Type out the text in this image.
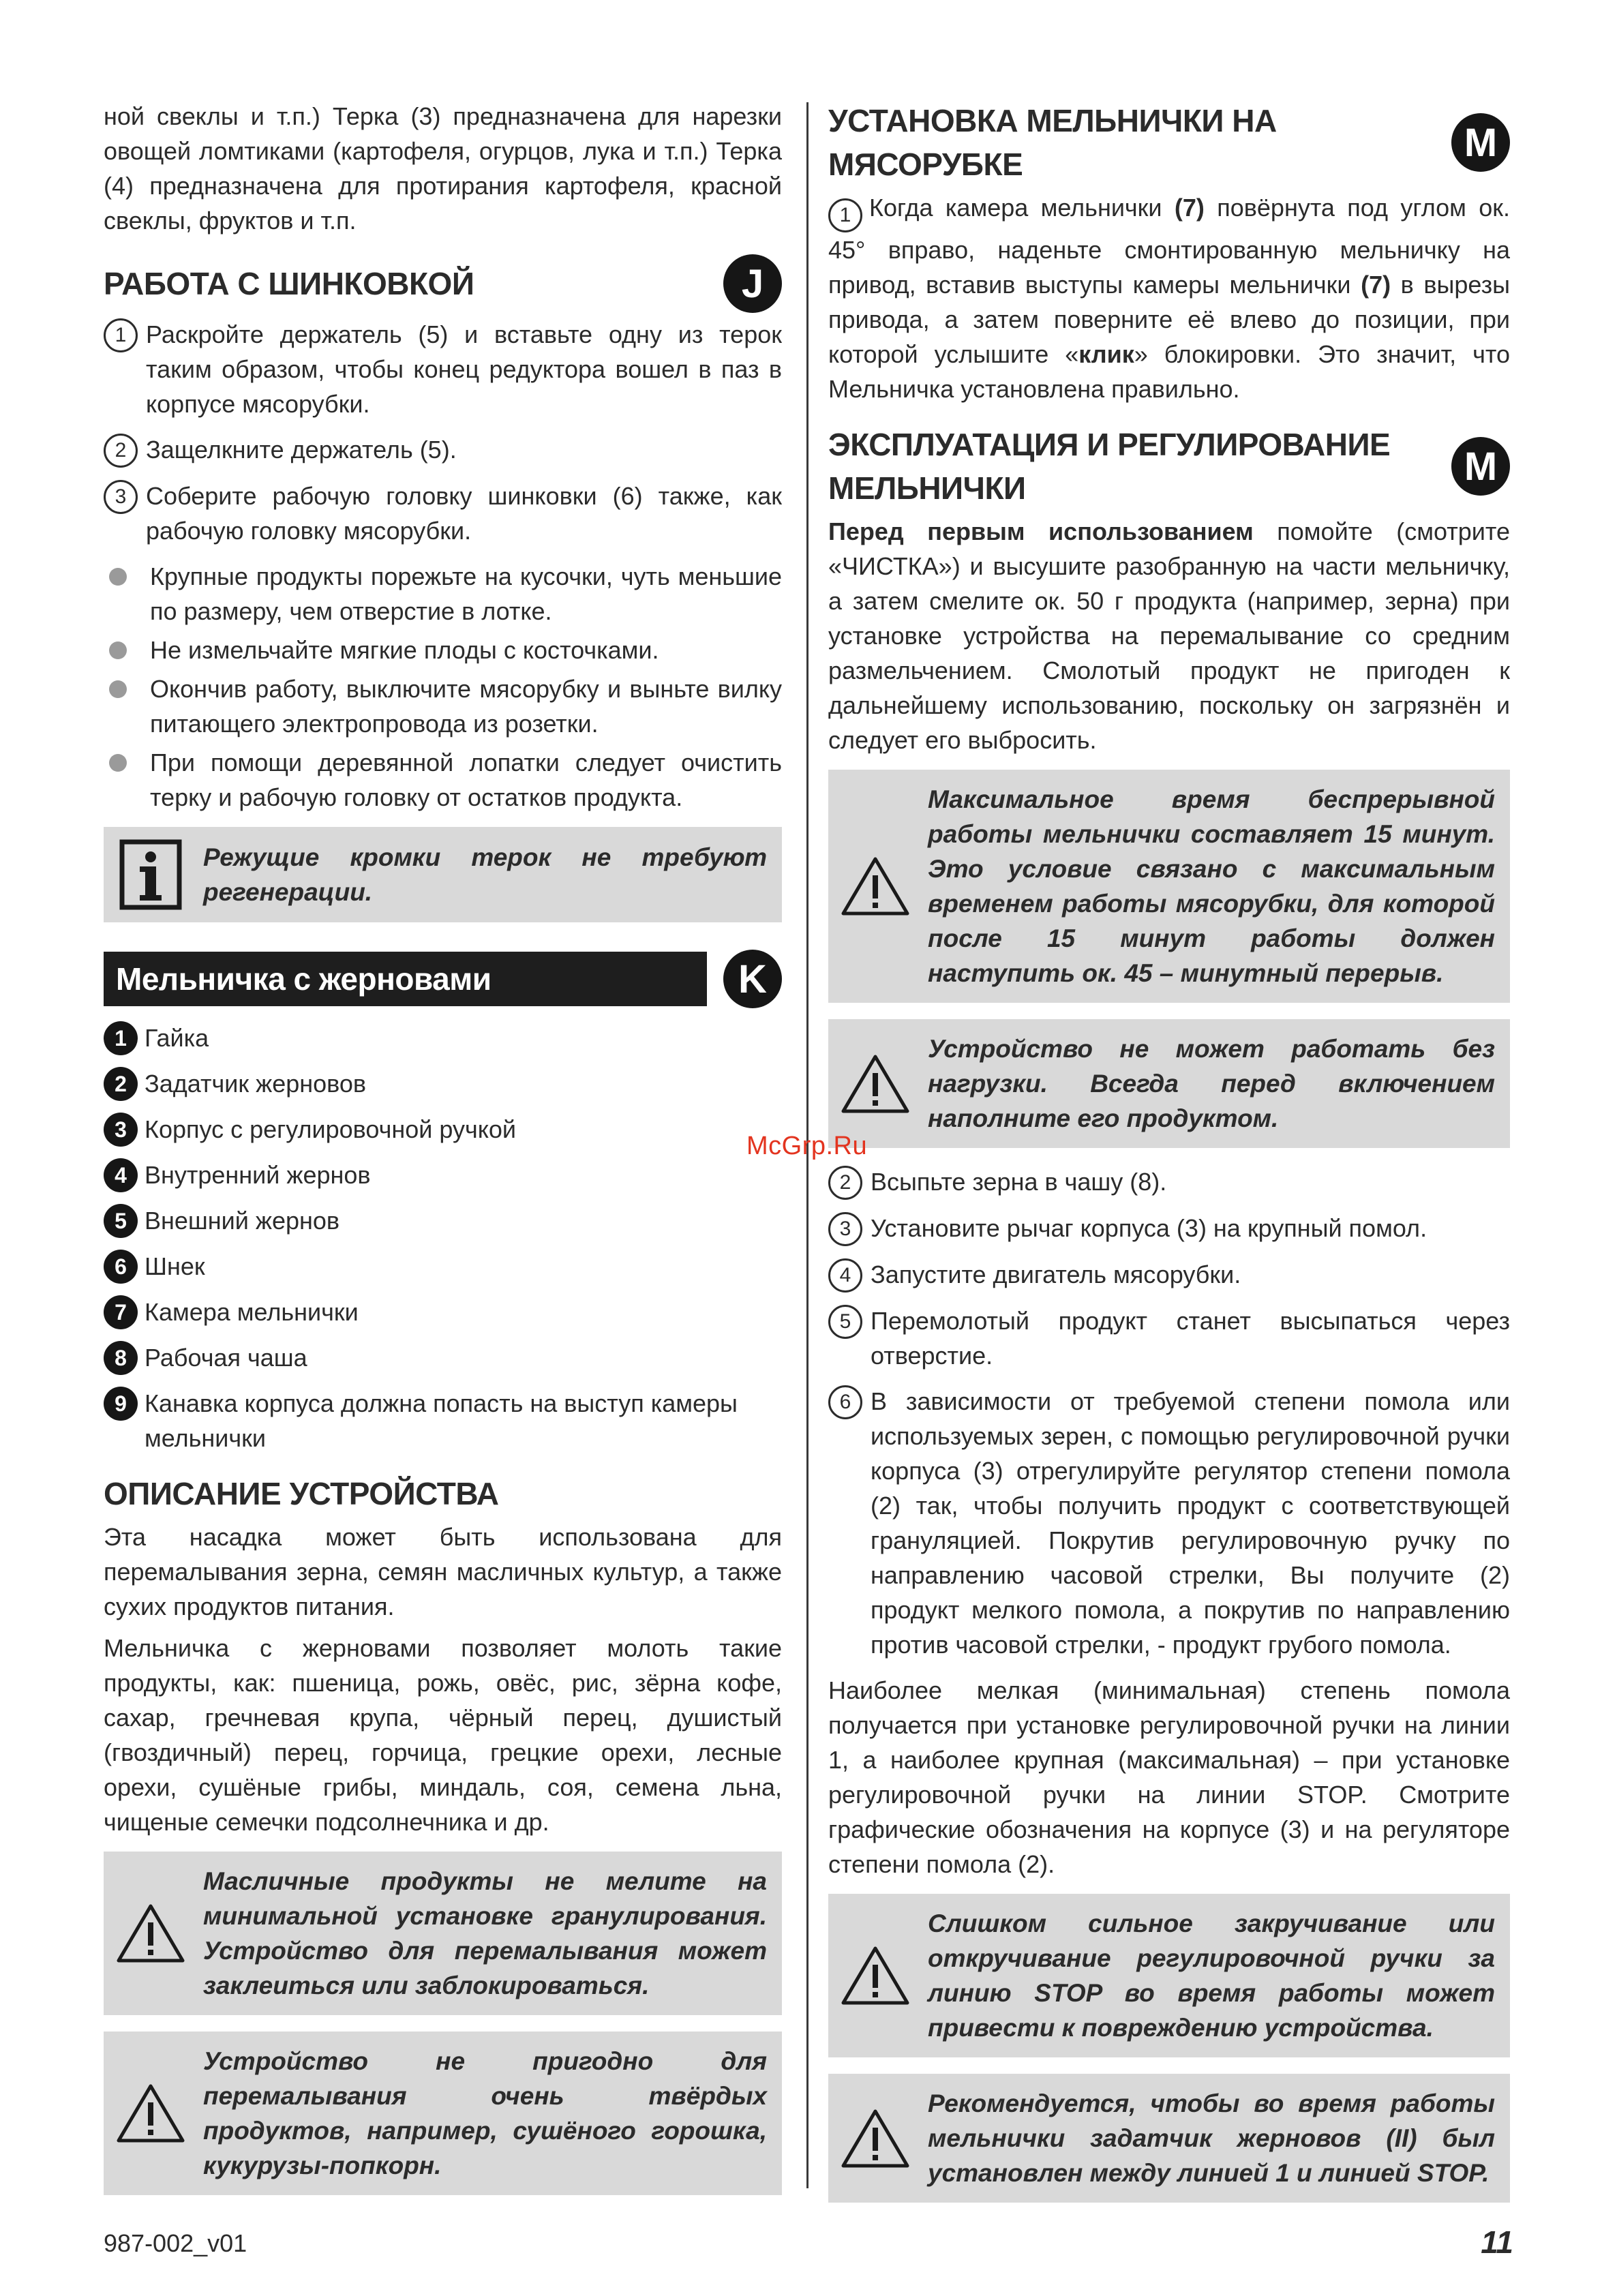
ной свеклы и т.п.) Терка (3) предназначена для нарезки овощей ломтиками (картофеля, огурцов, лука и т.п.) Терка (4) предназначена для протирания картофеля, красной свеклы, фруктов и т.п.

РАБОТА С ШИНКОВКОЙ	J
1 Раскройте держатель (5) и вставьте одну из терок таким образом, чтобы конец редуктора вошел в паз в корпусе мясорубки.
2 Защелкните держатель (5).
3 Соберите рабочую головку шинковки (6) также, как рабочую головку мясорубки.
Крупные продукты порежьте на кусочки, чуть меньшие по размеру, чем отверстие в лотке.
Не измельчайте мягкие плоды с косточками.
Окончив работу, выключите мясорубку и выньте вилку питающего электропровода из розетки.
При помощи деревянной лопатки следует очистить терку и рабочую головку от остатков продукта.
Режущие кромки терок не требуют регенерации.
Мельничка с жерновами	K
1 Гайка
2 Задатчик жерновов
3 Корпус с регулировочной ручкой
4 Внутренний жернов
5 Внешний жернов
6 Шнек
7 Камера мельнички
8 Рабочая чаша
9 Канавка корпуса должна попасть на выступ камеры мельнички
ОПИСАНИЕ УСТРОЙСТВА

Эта насадка может быть использована для перемалывания зерна, семян масличных культур, а также сухих продуктов питания.

Мельничка с жерновами позволяет молоть такие продукты, как: пшеница, рожь, овёс, рис, зёрна кофе, сахар, гречневая крупа, чёрный перец, душистый (гвоздичный) перец, горчица, грецкие орехи, лесные орехи, сушёные грибы, миндаль, соя, семена льна, чищеные семечки подсолнечника и др.

Масличные продукты не мелите на минимальной установке гранулирования. Устройство для перемалывания может заклеиться или заблокироваться.
Устройство не пригодно для перемалывания очень твёрдых продуктов, например, сушёного горошка, кукурузы-попкорн.
УСТАНОВКА МЕЛЬНИЧКИ НА МЯСОРУБКЕ	M

1 Когда камера мельнички (7) повёрнута под углом ок. 45° вправо, наденьте смонтированную мельничку на привод, вставив выступы камеры мельнички (7) в вырезы привода, а затем поверните её влево до позиции, при которой услышите «клик» блокировки. Это значит, что Мельничка установлена правильно.

ЭКСПЛУАТАЦИЯ И РЕГУЛИРОВАНИЕ МЕЛЬНИЧКИ	M

Перед первым использованием помойте (смотрите «ЧИСТКА») и высушите разобранную на части мельничку, а затем смелите ок. 50 г продукта (например, зерна) при установке устройства на перемалывание со средним размельчением. Смолотый продукт не пригоден к дальнейшему использованию, поскольку он загрязнён и следует его выбросить.

Максимальное время беспрерывной работы мельнички составляет 15 минут. Это условие связано с максимальным временем работы мясорубки, для которой после 15 минут работы должен наступить ок. 45 – минутный перерыв.
Устройство не может работать без нагрузки. Всегда перед включением наполните его продуктом.
2 Всыпьте зерна в чашу (8).
3 Установите рычаг корпуса (3) на крупный помол.
4 Запустите двигатель мясорубки.
5 Перемолотый продукт станет высыпаться через отверстие.
6 В зависимости от требуемой степени помола или используемых зерен, с помощью регулировочной ручки корпуса (3) отрегулируйте регулятор степени помола (2) так, чтобы получить продукт с соответствующей грануляцией. Покрутив регулировочную ручку по направлению часовой стрелки, Вы получите (2) продукт мелкого помола, а покрутив по направлению против часовой стрелки, - продукт грубого помола.

Наиболее мелкая (минимальная) степень помола получается при установке регулировочной ручки на линии 1, а наиболее крупная (максимальная) – при установке регулировочной ручки на линии STOP. Смотрите графические обозначения на корпусе (3) и на регуляторе степени помола (2).

Слишком сильное закручивание или откручивание регулировочной ручки за линию STOP во время работы может привести к повреждению устройства.
Рекомендуется, чтобы во время работы мельнички задатчик жерновов (II) был установлен между линией 1 и линией STOP.
McGrp.Ru
987-002_v01	11
